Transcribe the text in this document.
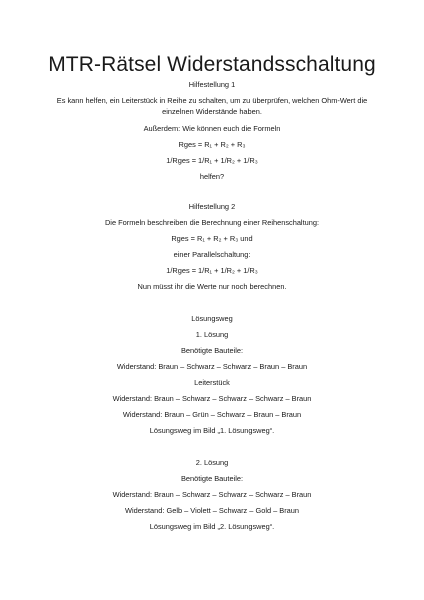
MTR-Rätsel Widerstandsschaltung
Hilfestellung 1
Es kann helfen, ein Leiterstück in Reihe zu schalten, um zu überprüfen, welchen Ohm-Wert die
einzelnen Widerstände haben.
Außerdem: Wie können euch die Formeln
Rges = R₁ + R₂ + R₃
1/Rges = 1/R₁ + 1/R₂ + 1/R₃
helfen?
Hilfestellung 2
Die Formeln beschreiben die Berechnung einer Reihenschaltung:
Rges = R₁ + R₂ + R₃ und
einer Parallelschaltung:
1/Rges = 1/R₁ + 1/R₂ + 1/R₃
Nun müsst ihr die Werte nur noch berechnen.
Lösungsweg
1. Lösung
Benötigte Bauteile:
Widerstand: Braun – Schwarz – Schwarz – Braun – Braun
Leiterstück
Widerstand: Braun – Schwarz – Schwarz – Schwarz – Braun
Widerstand: Braun – Grün – Schwarz – Braun – Braun
Lösungsweg im Bild „1. Lösungsweg“.
2. Lösung
Benötigte Bauteile:
Widerstand: Braun – Schwarz – Schwarz – Schwarz – Braun
Widerstand: Gelb – Violett – Schwarz – Gold – Braun
Lösungsweg im Bild „2. Lösungsweg“.
